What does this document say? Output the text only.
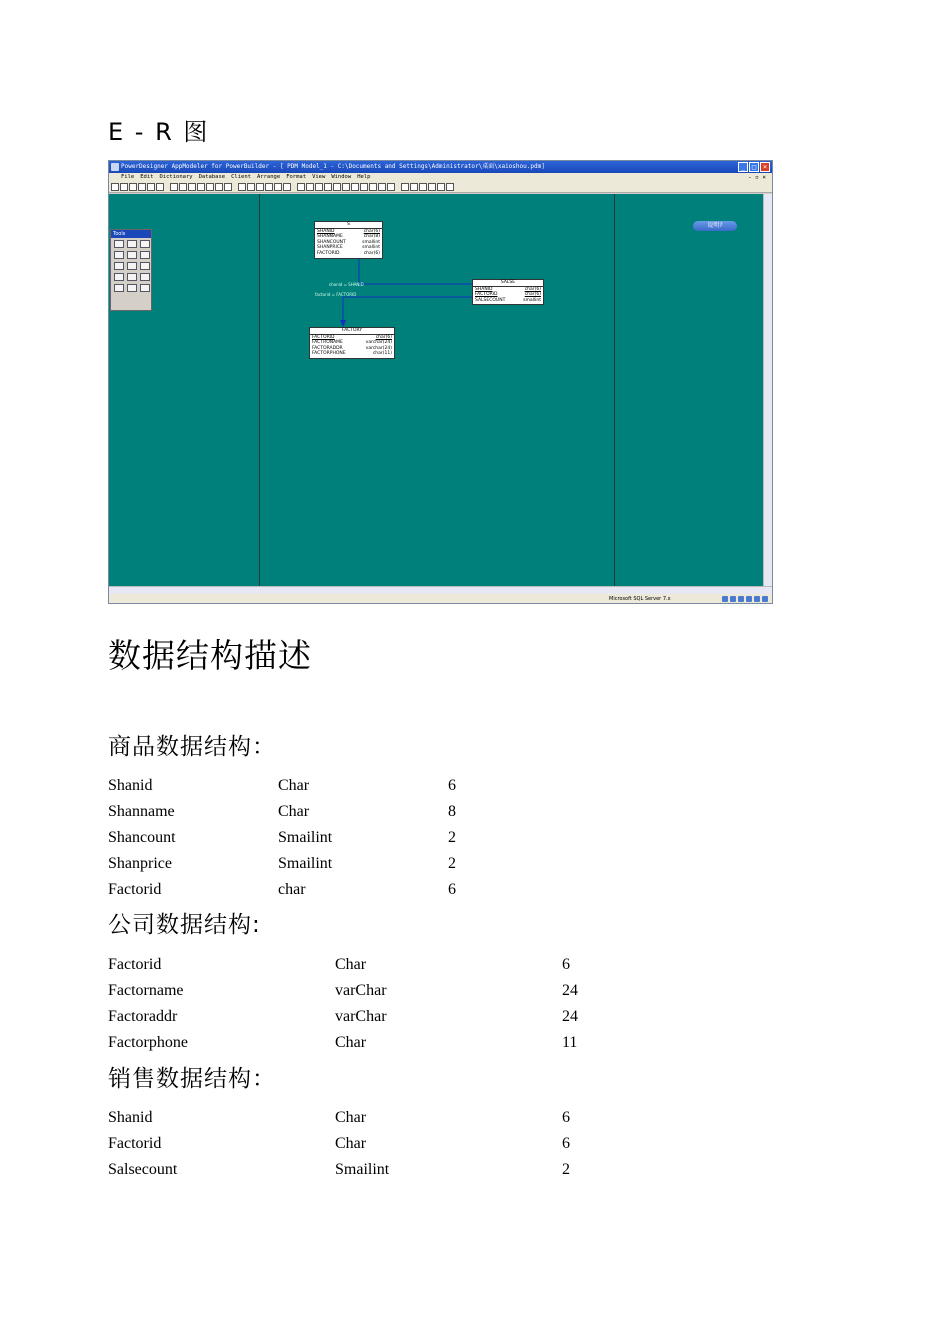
E - R 图
PowerDesigner AppModeler for PowerBuilder - [ PDM Model_1 - C:\Documents and Settings\Administrator\桌面\xaioshou.pdm]	_ □ ×
File Edit Dictionary Database Client Arrange Format View Window Help	- ▫ ×
说明?
Tools
shanid = SHANID
factorid = FACTORID
S
SHANID	char(6)
SHANNAME	char(8)
SHANCOUNT	smallint
SHANPRICE	smallint
FACTORID	char(6)
SALSE
SHANID	char(6)
FACTORID	char(6)
SALSECOUNT	smallint
FACTORY
FACTORID	char(6)
FACTRONAME	varchar(24)
FACTORADDR	varchar(24)
FACTORPHONE	char(11)
Microsoft SQL Server 7.x
数据结构描述
商品数据结构：
Shanid	Char	6
Shanname	Char	8
Shancount	Smailint	2
Shanprice	Smailint	2
Factorid	char	6
公司数据结构:
Factorid	Char	6
Factorname	varChar	24
Factoraddr	varChar	24
Factorphone	Char	11
销售数据结构：
Shanid	Char	6
Factorid	Char	6
Salsecount	Smailint	2
